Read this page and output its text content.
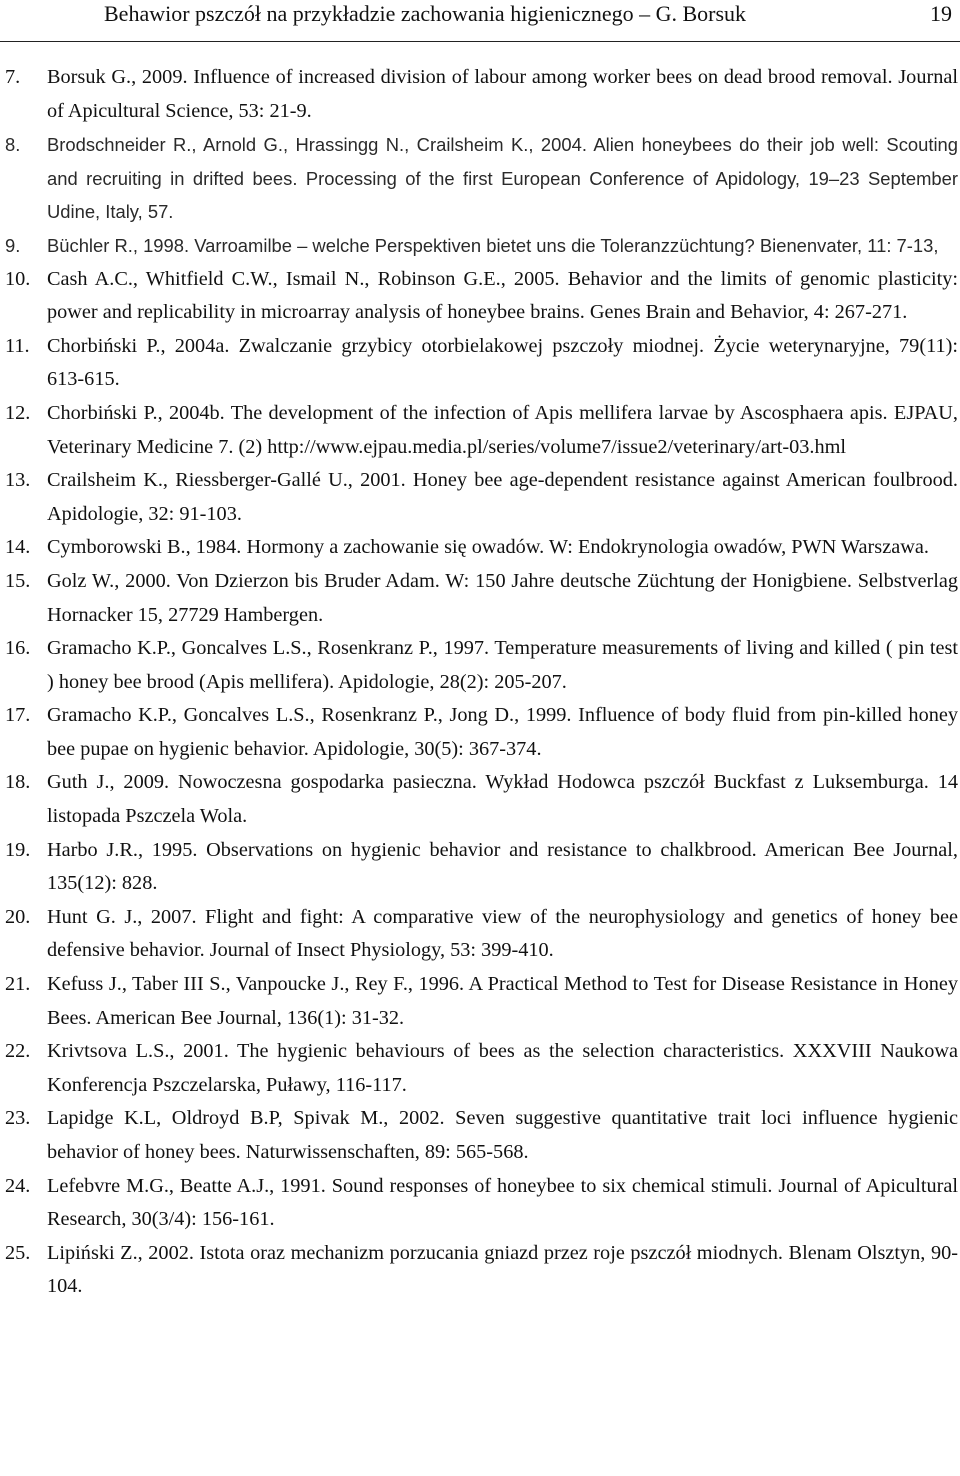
Behawior pszczół na przykładzie zachowania higienicznego – G. Borsuk	19
7. Borsuk G., 2009. Influence of increased division of labour among worker bees on dead brood removal. Journal of Apicultural Science, 53: 21-9.
8. Brodschneider R., Arnold G., Hrassingg N., Crailsheim K., 2004. Alien honeybees do their job well: Scouting and recruiting in drifted bees. Processing of the first European Conference of Apidology, 19–23 September Udine, Italy, 57.
9. Büchler R., 1998. Varroamilbe – welche Perspektiven bietet uns die Toleranzzüchtung? Bienenvater, 11: 7-13,
10. Cash A.C., Whitfield C.W., Ismail N., Robinson G.E., 2005. Behavior and the limits of genomic plasticity: power and replicability in microarray analysis of honeybee brains. Genes Brain and Behavior, 4: 267-271.
11. Chorbiński P., 2004a. Zwalczanie grzybicy otorbielakowej pszczoły miodnej. Życie weterynaryjne, 79(11): 613-615.
12. Chorbiński P., 2004b. The development of the infection of Apis mellifera larvae by Ascosphaera apis. EJPAU, Veterinary Medicine 7. (2) http://www.ejpau.media.pl/series/volume7/issue2/veterinary/art-03.hml
13. Crailsheim K., Riessberger-Gallé U., 2001. Honey bee age-dependent resistance against American foulbrood. Apidologie, 32: 91-103.
14. Cymborowski B., 1984. Hormony a zachowanie się owadów. W: Endokrynologia owadów, PWN Warszawa.
15. Golz W., 2000. Von Dzierzon bis Bruder Adam. W: 150 Jahre deutsche Züchtung der Honigbiene. Selbstverlag Hornacker 15, 27729 Hambergen.
16. Gramacho K.P., Goncalves L.S., Rosenkranz P., 1997. Temperature measurements of living and killed ( pin test ) honey bee brood (Apis mellifera). Apidologie, 28(2): 205-207.
17. Gramacho K.P., Goncalves L.S., Rosenkranz P., Jong D., 1999. Influence of body fluid from pin-killed honey bee pupae on hygienic behavior. Apidologie, 30(5): 367-374.
18. Guth J., 2009. Nowoczesna gospodarka pasieczna. Wykład Hodowca pszczół Buckfast z Luksemburga. 14 listopada Pszczela Wola.
19. Harbo J.R., 1995. Observations on hygienic behavior and resistance to chalkbrood. American Bee Journal, 135(12): 828.
20. Hunt G. J., 2007. Flight and fight: A comparative view of the neurophysiology and genetics of honey bee defensive behavior. Journal of Insect Physiology, 53: 399-410.
21. Kefuss J., Taber III S., Vanpoucke J., Rey F., 1996. A Practical Method to Test for Disease Resistance in Honey Bees. American Bee Journal, 136(1): 31-32.
22. Krivtsova L.S., 2001. The hygienic behaviours of bees as the selection characteristics. XXXVIII Naukowa Konferencja Pszczelarska, Puławy, 116-117.
23. Lapidge K.L, Oldroyd B.P, Spivak M., 2002. Seven suggestive quantitative trait loci influence hygienic behavior of honey bees. Naturwissenschaften, 89: 565-568.
24. Lefebvre M.G., Beatte A.J., 1991. Sound responses of honeybee to six chemical stimuli. Journal of Apicultural Research, 30(3/4): 156-161.
25. Lipiński Z., 2002. Istota oraz mechanizm porzucania gniazd przez roje pszczół miodnych. Blenam Olsztyn, 90-104.
